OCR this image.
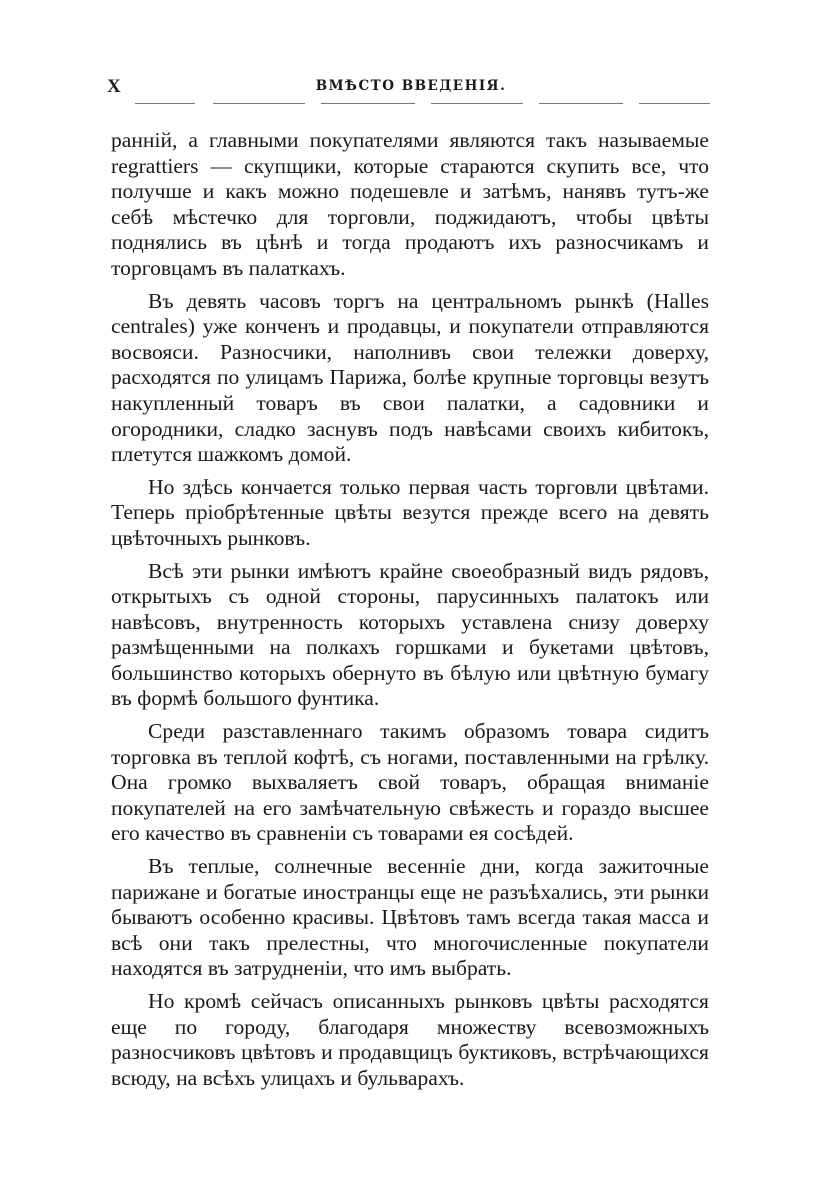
X	ВМѢСТО ВВЕДЕНІЯ.

ранній, а главными покупателями являются такъ называемые regrattiers — скупщики, которые стараются скупить все, что получше и какъ можно подешевле и затѣмъ, нанявъ тутъ-же себѣ мѣстечко для торговли, поджидаютъ, чтобы цвѣты поднялись въ цѣнѣ и тогда продаютъ ихъ разносчикамъ и торговцамъ въ палаткахъ.

Въ девять часовъ торгъ на центральномъ рынкѣ (Halles centrales) уже конченъ и продавцы, и покупатели отправляются восвояси. Разносчики, наполнивъ свои тележки доверху, расходятся по улицамъ Парижа, болѣе крупные торговцы везутъ накупленный товаръ въ свои палатки, а садовники и огородники, сладко заснувъ подъ навѣсами своихъ кибитокъ, плетутся шажкомъ домой.

Но здѣсь кончается только первая часть торговли цвѣтами. Теперь пріобрѣтенные цвѣты везутся прежде всего на девять цвѣточныхъ рынковъ.

Всѣ эти рынки имѣютъ крайне своеобразный видъ рядовъ, открытыхъ съ одной стороны, парусинныхъ палатокъ или навѣсовъ, внутренность которыхъ уставлена снизу доверху размѣщенными на полкахъ горшками и букетами цвѣтовъ, большинство которыхъ обернуто въ бѣлую или цвѣтную бумагу въ формѣ большого фунтика.

Среди разставленнаго такимъ образомъ товара сидитъ торговка въ теплой кофтѣ, съ ногами, поставленными на грѣлку. Она громко выхваляетъ свой товаръ, обращая вниманіе покупателей на его замѣчательную свѣжесть и гораздо высшее его качество въ сравненіи съ товарами ея сосѣдей.

Въ теплые, солнечные весенніе дни, когда зажиточные парижане и богатые иностранцы еще не разъѣхались, эти рынки бываютъ особенно красивы. Цвѣтовъ тамъ всегда такая масса и всѣ они такъ прелестны, что многочисленные покупатели находятся въ затрудненіи, что имъ выбрать.

Но кромѣ сейчасъ описанныхъ рынковъ цвѣты расходятся еще по городу, благодаря множеству всевозможныхъ разносчиковъ цвѣтовъ и продавщицъ буктиковъ, встрѣчающихся всюду, на всѣхъ улицахъ и бульварахъ.
